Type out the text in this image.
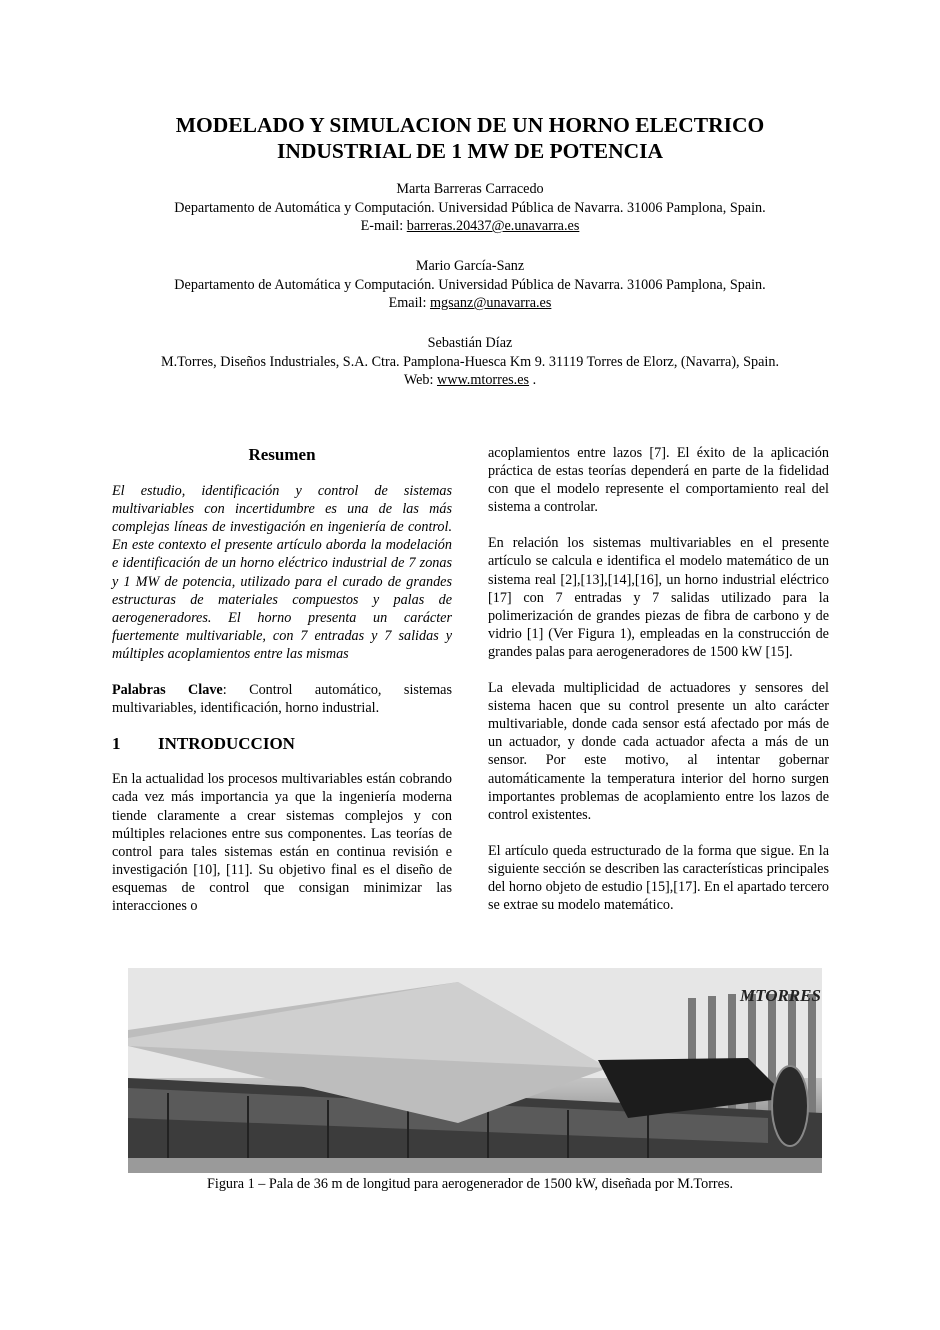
MODELADO Y SIMULACION DE UN HORNO ELECTRICO
INDUSTRIAL DE 1 MW DE POTENCIA
Marta Barreras Carracedo
Departamento de Automática y Computación. Universidad Pública de Navarra. 31006 Pamplona, Spain.
E-mail: barreras.20437@e.unavarra.es
Mario García-Sanz
Departamento de Automática y Computación. Universidad Pública de Navarra. 31006 Pamplona, Spain.
Email: mgsanz@unavarra.es
Sebastián Díaz
M.Torres, Diseños Industriales, S.A. Ctra. Pamplona-Huesca Km 9. 31119 Torres de Elorz, (Navarra), Spain.
Web: www.mtorres.es .
Resumen

El estudio, identificación y control de sistemas multivariables con incertidumbre es una de las más complejas líneas de investigación en ingeniería de control. En este contexto el presente artículo aborda la modelación e identificación de un horno eléctrico industrial de 7 zonas y 1 MW de potencia, utilizado para el curado de grandes estructuras de materiales compuestos y palas de aerogeneradores. El horno presenta un carácter fuertemente multivariable, con 7 entradas y 7 salidas y múltiples acoplamientos entre las mismas

Palabras Clave: Control automático, sistemas multivariables, identificación, horno industrial.

1 INTRODUCCION

En la actualidad los procesos multivariables están cobrando cada vez más importancia ya que la ingeniería moderna tiende claramente a crear sistemas complejos y con múltiples relaciones entre sus componentes. Las teorías de control para tales sistemas están en continua revisión e investigación [10], [11]. Su objetivo final es el diseño de esquemas de control que consigan minimizar las interacciones o

acoplamientos entre lazos [7]. El éxito de la aplicación práctica de estas teorías dependerá en parte de la fidelidad con que el modelo represente el comportamiento real del sistema a controlar.

En relación los sistemas multivariables en el presente artículo se calcula e identifica el modelo matemático de un sistema real [2],[13],[14],[16], un horno industrial eléctrico [17] con 7 entradas y 7 salidas utilizado para la polimerización de grandes piezas de fibra de carbono y de vidrio [1] (Ver Figura 1), empleadas en la construcción de grandes palas para aerogeneradores de 1500 kW [15].

La elevada multiplicidad de actuadores y sensores del sistema hacen que su control presente un alto carácter multivariable, donde cada sensor está afectado por más de un actuador, y donde cada actuador afecta a más de un sensor. Por este motivo, al intentar gobernar automáticamente la temperatura interior del horno surgen importantes problemas de acoplamiento entre los lazos de control existentes.

El artículo queda estructurado de la forma que sigue. En la siguiente sección se describen las características principales del horno objeto de estudio [15],[17]. En el apartado tercero se extrae su modelo matemático.

MTORRES
Figura 1 – Pala de 36 m de longitud para aerogenerador de 1500 kW, diseñada por M.Torres.
